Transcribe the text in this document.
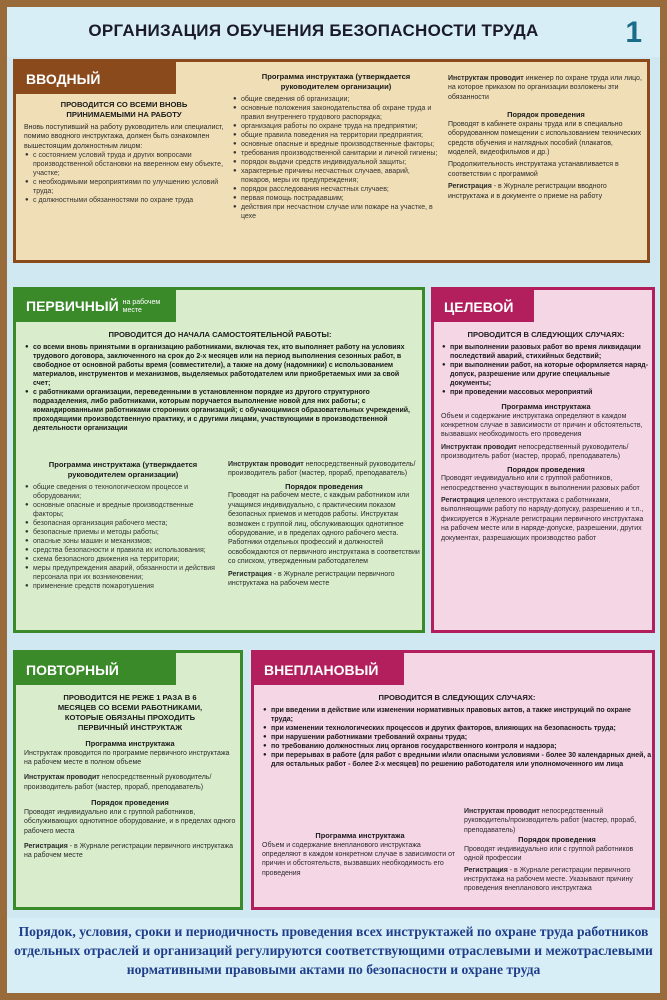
ОРГАНИЗАЦИЯ ОБУЧЕНИЯ БЕЗОПАСНОСТИ ТРУДА	1
ВВОДНЫЙ

ПРОВОДИТСЯ СО ВСЕМИ ВНОВЬ ПРИНИМАЕМЫМИ НА РАБОТУ

Вновь поступивший на работу руководитель или специалист, помимо вводного инструктажа, должен быть ознакомлен вышестоящим должностным лицом:

● с состоянием условий труда и других вопросами производственной обстановки на вверенном ему объекте, участке;
● с необходимыми мероприятиями по улучшению условий труда;
● с должностными обязанностями по охране труда

Программа инструктажа (утверждается руководителем организации)

● общие сведения об организации;
● основные положения законодательства об охране труда и правил внутреннего трудового распорядка;
● организация работы по охране труда на предприятии;
● общие правила поведения на территории предприятия;
● основные опасные и вредные производственные факторы;
● требования производственной санитарии и личной гигиены;
● порядок выдачи средств индивидуальной защиты;
● характерные причины несчастных случаев, аварий, пожаров, меры их предупреждения;
● порядок расследования несчастных случаев;
● первая помощь пострадавшим;
● действия при несчастном случае или пожаре на участке, в цехе

Инструктаж проводит инженер по охране труда или лицо, на которое приказом по организации возложены эти обязанности

Порядок проведения

Проводят в кабинете охраны труда или в специально оборудованном помещении с использованием технических средств обучения и наглядных пособий (плакатов, моделей, видеофильмов и др.)

Продолжительность инструктажа устанавливается в соответствии с программой

Регистрация - в Журнале регистрации вводного инструктажа и в документе о приеме на работу

ПЕРВИЧНЫЙ на рабочем месте

ПРОВОДИТСЯ ДО НАЧАЛА САМОСТОЯТЕЛЬНОЙ РАБОТЫ:

● со всеми вновь принятыми в организацию работниками, включая тех, кто выполняет работу на условиях трудового договора, заключенного на срок до 2-х месяцев или на период выполнения сезонных работ, в свободное от основной работы время (совместители), а также на дому (надомники) с использованием материалов, инструментов и механизмов, выделяемых работодателем или приобретаемых ими за свой счет;
● с работниками организации, переведенными в установленном порядке из другого структурного подразделения, либо работниками, которым поручается выполнение новой для них работы; с командированными работниками сторонних организаций; с обучающимися образовательных учреждений, проходящими производственную практику, и с другими лицами, участвующими в производственной деятельности организации

Программа инструктажа (утверждается руководителем организации)

● общие сведения о технологическом процессе и оборудовании;
● основные опасные и вредные производственные факторы;
● безопасная организация рабочего места;
● безопасные приемы и методы работы;
● опасные зоны машин и механизмов;
● средства безопасности и правила их использования;
● схема безопасного движения на территории;
● меры предупреждения аварий, обязанности и действия персонала при их возникновении;
● применение средств пожаротушения

Инструктаж проводит непосредственный руководитель/производитель работ (мастер, прораб, преподаватель)

Порядок проведения

Проводят на рабочем месте, с каждым работником или учащимся индивидуально, с практическим показом безопасных приемов и методов работы. Инструктаж возможен с группой лиц, обслуживающих однотипное оборудование, и в пределах одного рабочего места.

Работники отдельных профессий и должностей освобождаются от первичного инструктажа в соответствии со списком, утвержденным работодателем

Регистрация - в Журнале регистрации первичного инструктажа на рабочем месте

ЦЕЛЕВОЙ

ПРОВОДИТСЯ В СЛЕДУЮЩИХ СЛУЧАЯХ:

● при выполнении разовых работ во время ликвидации последствий аварий, стихийных бедствий;
● при выполнении работ, на которые оформляется наряд-допуск, разрешение или другие специальные документы;
● при проведении массовых мероприятий

Программа инструктажа

Объем и содержание инструктажа определяют в каждом конкретном случае в зависимости от причин и обстоятельств, вызвавших необходимость его проведения

Инструктаж проводит непосредственный руководитель/производитель работ (мастер, прораб, преподаватель)

Порядок проведения

Проводят индивидуально или с группой работников, непосредственно участвующих в выполнении разовых работ

Регистрация целевого инструктажа с работниками, выполняющими работу по наряду-допуску, разрешению и т.п., фиксируется в Журнале регистрации первичного инструктажа на рабочем месте или в наряде-допуске, разрешении, других документах, разрешающих производство работ

ПОВТОРНЫЙ

ПРОВОДИТСЯ НЕ РЕЖЕ 1 РАЗА В 6 МЕСЯЦЕВ СО ВСЕМИ РАБОТНИКАМИ, КОТОРЫЕ ОБЯЗАНЫ ПРОХОДИТЬ ПЕРВИЧНЫЙ ИНСТРУКТАЖ

Программа инструктажа

Инструктаж проводится по программе первичного инструктажа на рабочем месте в полном объеме

Инструктаж проводит непосредственный руководитель/производитель работ (мастер, прораб, преподаватель)

Порядок проведения

Проводят индивидуально или с группой работников, обслуживающих однотипное оборудование, и в пределах одного рабочего места

Регистрация - в Журнале регистрации первичного инструктажа на рабочем месте

ВНЕПЛАНОВЫЙ

ПРОВОДИТСЯ В СЛЕДУЮЩИХ СЛУЧАЯХ:

● при введении в действие или изменении нормативных правовых актов, а также инструкций по охране труда;
● при изменении технологических процессов и других факторов, влияющих на безопасность труда;
● при нарушении работниками требований охраны труда;
● по требованию должностных лиц органов государственного контроля и надзора;
● при перерывах в работе (для работ с вредными и/или опасными условиями - более 30 календарных дней, а для остальных работ - более 2-х месяцев) по решению работодателя или уполномоченного им лица

Программа инструктажа

Объем и содержание внепланового инструктажа определяют в каждом конкретном случае в зависимости от причин и обстоятельств, вызвавших необходимость его проведения

Инструктаж проводит непосредственный руководитель/производитель работ (мастер, прораб, преподаватель)

Порядок проведения

Проводят индивидуально или с группой работников одной профессии

Регистрация - в Журнале регистрации первичного инструктажа на рабочем месте. Указывают причину проведения внепланового инструктажа

Порядок, условия, сроки и периодичность проведения всех инструктажей по охране труда работников отдельных отраслей и организаций регулируются соответствующими отраслевыми и межотраслевыми нормативными правовыми актами по безопасности и охране труда
